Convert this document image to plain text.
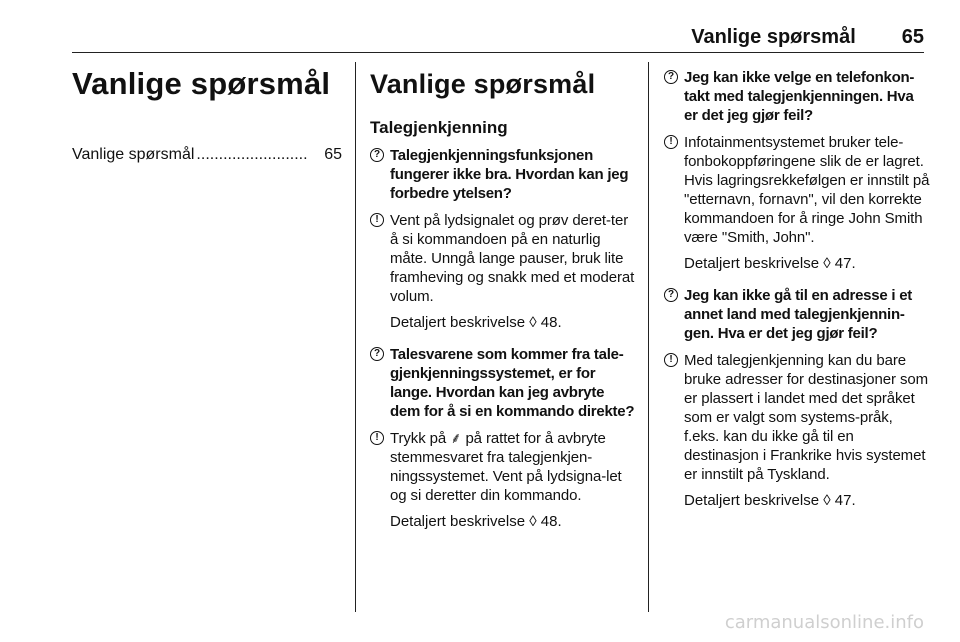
Vanlige spørsmål 65
Vanlige spørsmål
Vanlige spørsmål .........................	65
Vanlige spørsmål
Talegjenkjenning
? Talegjenkjenningsfunksjonen fungerer ikke bra. Hvordan kan jeg forbedre ytelsen?
! Vent på lydsignalet og prøv deret-ter å si kommandoen på en naturlig måte. Unngå lange pauser, bruk lite framheving og snakk med et moderat volum.
Detaljert beskrivelse ◊ 48.
? Talesvarene som kommer fra tale-gjenkjenningssystemet, er for lange. Hvordan kan jeg avbryte dem for å si en kommando direkte?
! Trykk på ⸙ på rattet for å avbryte stemmesvaret fra talegjenkjen-ningssystemet. Vent på lydsigna-let og si deretter din kommando.
Detaljert beskrivelse ◊ 48.
? Jeg kan ikke velge en telefonkon-takt med talegjenkjenningen. Hva er det jeg gjør feil?
! Infotainmentsystemet bruker tele-fonbokoppføringene slik de er lagret. Hvis lagringsrekkefølgen er innstilt på "etternavn, fornavn", vil den korrekte kommandoen for å ringe John Smith være "Smith, John".
Detaljert beskrivelse ◊ 47.
? Jeg kan ikke gå til en adresse i et annet land med talegjenkjennin-gen. Hva er det jeg gjør feil?
! Med talegjenkjenning kan du bare bruke adresser for destinasjoner som er plassert i landet med det språket som er valgt som systems-pråk, f.eks. kan du ikke gå til en destinasjon i Frankrike hvis systemet er innstilt på Tyskland.
Detaljert beskrivelse ◊ 47.
carmanualsonline.info
